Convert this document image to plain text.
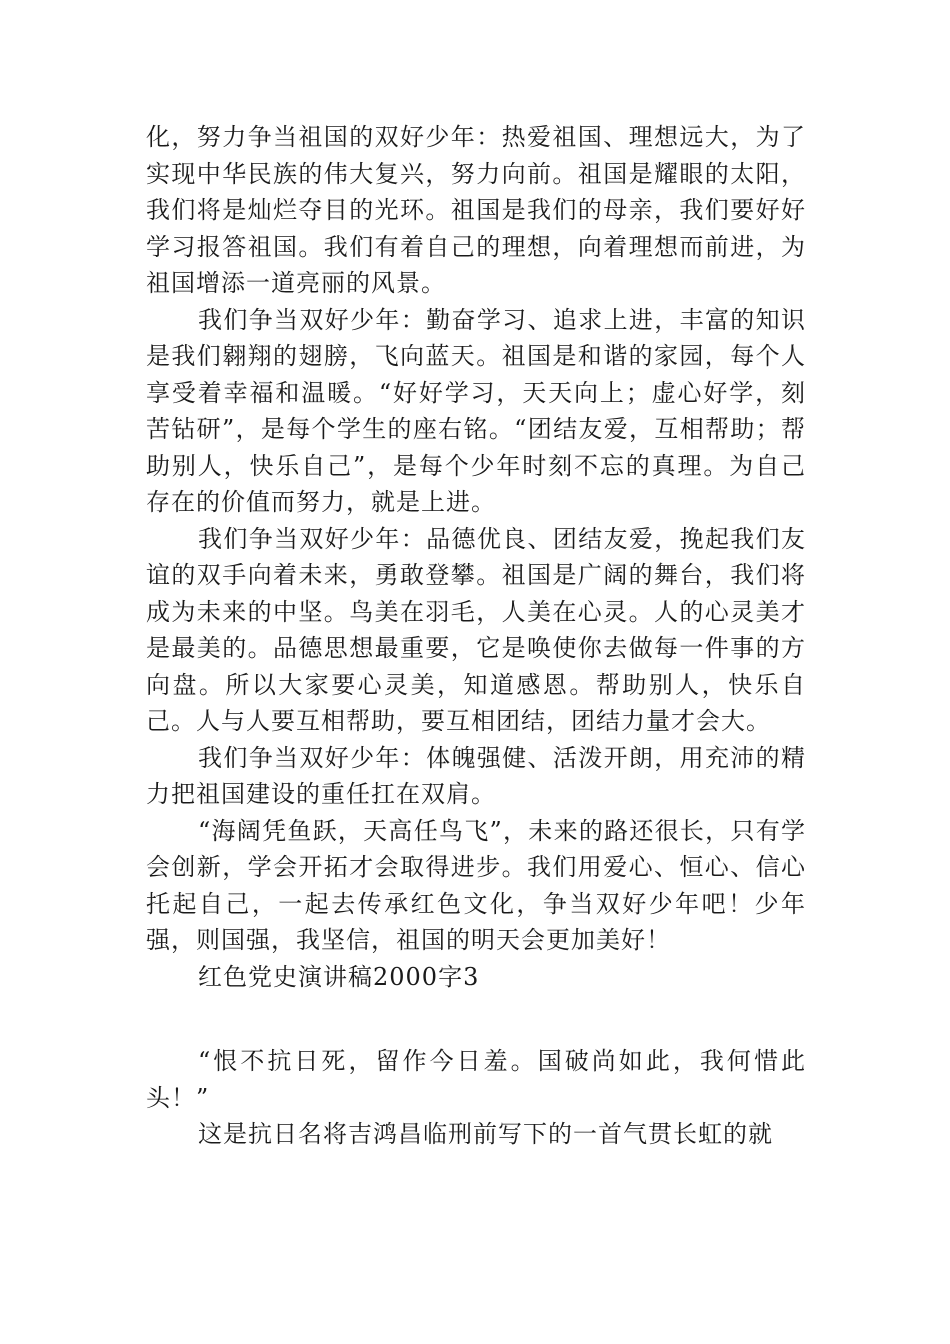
化，努力争当祖国的双好少年：热爱祖国、理想远大，为了实现中华民族的伟大复兴，努力向前。祖国是耀眼的太阳，我们将是灿烂夺目的光环。祖国是我们的母亲，我们要好好学习报答祖国。我们有着自己的理想，向着理想而前进，为祖国增添一道亮丽的风景。

我们争当双好少年：勤奋学习、追求上进，丰富的知识是我们翱翔的翅膀，飞向蓝天。祖国是和谐的家园，每个人享受着幸福和温暖。“好好学习，天天向上；虚心好学，刻苦钻研”，是每个学生的座右铭。“团结友爱，互相帮助；帮助别人，快乐自己”，是每个少年时刻不忘的真理。为自己存在的价值而努力，就是上进。

我们争当双好少年：品德优良、团结友爱，挽起我们友谊的双手向着未来，勇敢登攀。祖国是广阔的舞台，我们将成为未来的中坚。鸟美在羽毛，人美在心灵。人的心灵美才是最美的。品德思想最重要，它是唤使你去做每一件事的方向盘。所以大家要心灵美，知道感恩。帮助别人，快乐自己。人与人要互相帮助，要互相团结，团结力量才会大。

我们争当双好少年：体魄强健、活泼开朗，用充沛的精力把祖国建设的重任扛在双肩。

“海阔凭鱼跃，天高任鸟飞”，未来的路还很长，只有学会创新，学会开拓才会取得进步。我们用爱心、恒心、信心托起自己，一起去传承红色文化，争当双好少年吧！少年强，则国强，我坚信，祖国的明天会更加美好！

红色党史演讲稿2000字3

“恨不抗日死，留作今日羞。国破尚如此，我何惜此头！”

这是抗日名将吉鸿昌临刑前写下的一首气贯长虹的就
